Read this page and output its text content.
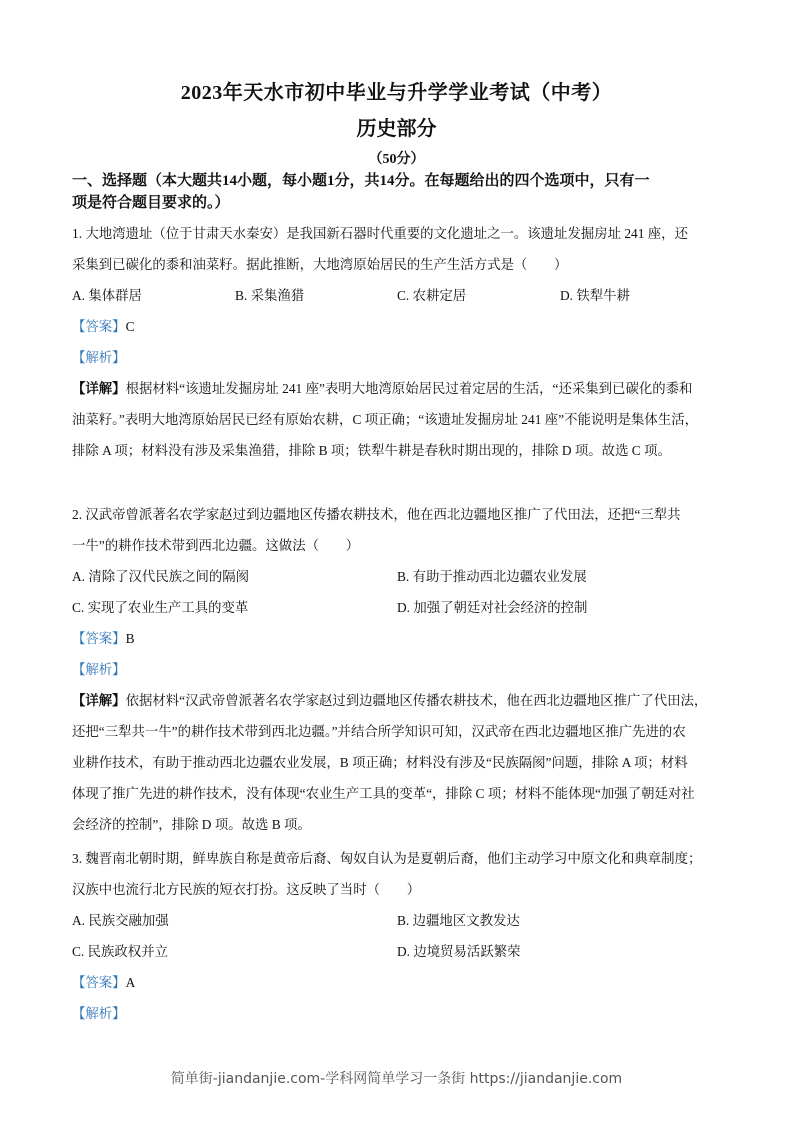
2023年天水市初中毕业与升学学业考试（中考）
历史部分
（50分）
一、选择题（本大题共14小题，每小题1分，共14分。在每题给出的四个选项中，只有一
项是符合题目要求的。）
1. 大地湾遗址（位于甘肃天水秦安）是我国新石器时代重要的文化遗址之一。该遗址发掘房址 241 座，还
采集到已碳化的黍和油菜籽。据此推断，大地湾原始居民的生产生活方式是（　　）
A. 集体群居	B. 采集渔猎	C. 农耕定居	D. 铁犁牛耕
【答案】C
【解析】
【详解】根据材料“该遗址发掘房址 241 座”表明大地湾原始居民过着定居的生活，“还采集到已碳化的黍和
油菜籽。”表明大地湾原始居民已经有原始农耕，C 项正确；“该遗址发掘房址 241 座”不能说明是集体生活，
排除 A 项；材料没有涉及采集渔猎，排除 B 项；铁犁牛耕是春秋时期出现的，排除 D 项。故选 C 项。
2. 汉武帝曾派著名农学家赵过到边疆地区传播农耕技术，他在西北边疆地区推广了代田法，还把“三犁共
一牛”的耕作技术带到西北边疆。这做法（　　）
A. 清除了汉代民族之间的隔阂	B. 有助于推动西北边疆农业发展
C. 实现了农业生产工具的变革	D. 加强了朝廷对社会经济的控制
【答案】B
【解析】
【详解】依据材料“汉武帝曾派著名农学家赵过到边疆地区传播农耕技术，他在西北边疆地区推广了代田法，
还把“三犁共一牛”的耕作技术带到西北边疆。”并结合所学知识可知，汉武帝在西北边疆地区推广先进的农
业耕作技术，有助于推动西北边疆农业发展，B 项正确；材料没有涉及“民族隔阂”问题，排除 A 项；材料
体现了推广先进的耕作技术，没有体现“农业生产工具的变革“，排除 C 项；材料不能体现“加强了朝廷对社
会经济的控制”，排除 D 项。故选 B 项。
3. 魏晋南北朝时期，鲜卑族自称是黄帝后裔、匈奴自认为是夏朝后裔，他们主动学习中原文化和典章制度；
汉族中也流行北方民族的短衣打扮。这反映了当时（　　）
A. 民族交融加强	B. 边疆地区文教发达
C. 民族政权并立	D. 边境贸易活跃繁荣
【答案】A
【解析】
简单街-jiandanjie.com-学科网简单学习一条街 https://jiandanjie.com
